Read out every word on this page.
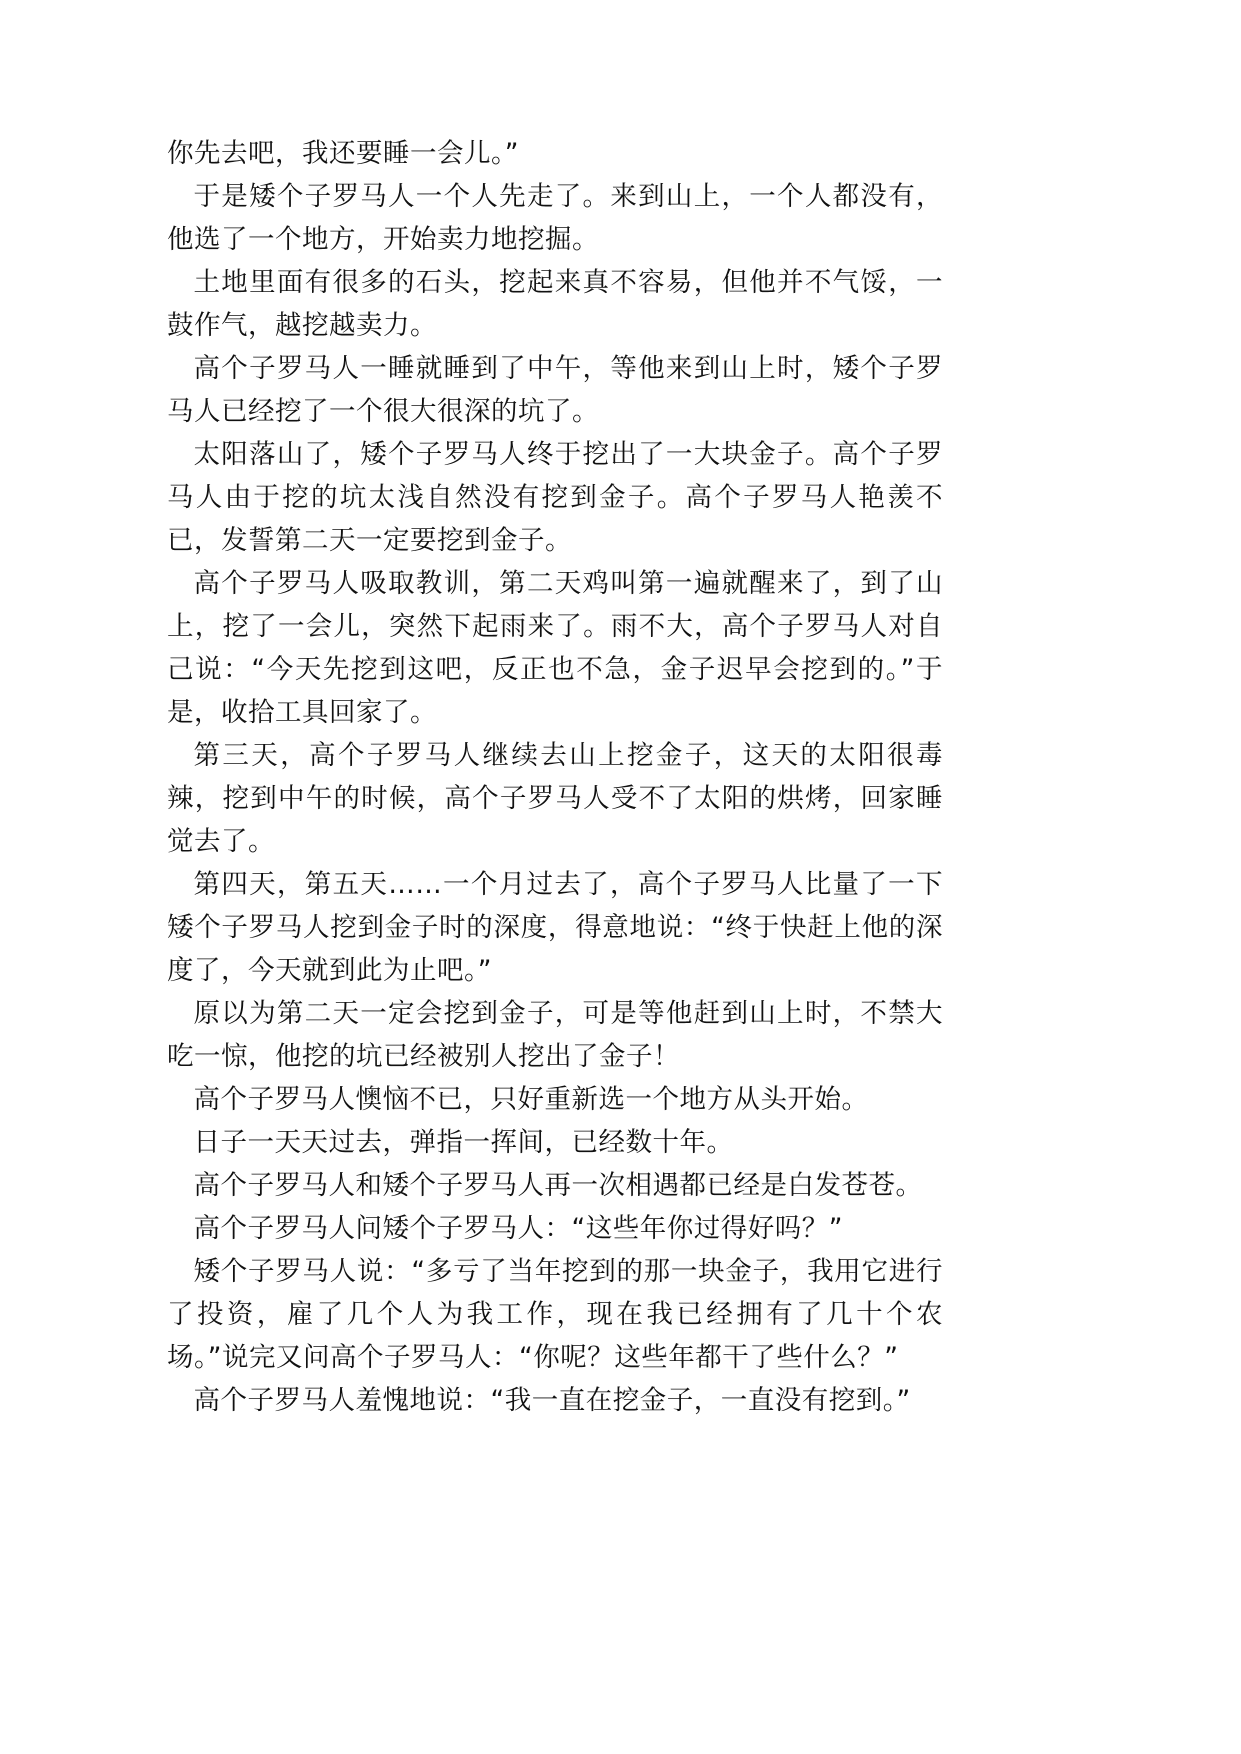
你先去吧，我还要睡一会儿。”

于是矮个子罗马人一个人先走了。来到山上，一个人都没有，他选了一个地方，开始卖力地挖掘。

土地里面有很多的石头，挖起来真不容易，但他并不气馁，一鼓作气，越挖越卖力。

高个子罗马人一睡就睡到了中午，等他来到山上时，矮个子罗马人已经挖了一个很大很深的坑了。

太阳落山了，矮个子罗马人终于挖出了一大块金子。高个子罗马人由于挖的坑太浅自然没有挖到金子。高个子罗马人艳羡不已，发誓第二天一定要挖到金子。

高个子罗马人吸取教训，第二天鸡叫第一遍就醒来了，到了山上，挖了一会儿，突然下起雨来了。雨不大，高个子罗马人对自己说：“今天先挖到这吧，反正也不急，金子迟早会挖到的。”于是，收拾工具回家了。

第三天，高个子罗马人继续去山上挖金子，这天的太阳很毒辣，挖到中午的时候，高个子罗马人受不了太阳的烘烤，回家睡觉去了。

第四天，第五天……一个月过去了，高个子罗马人比量了一下矮个子罗马人挖到金子时的深度，得意地说：“终于快赶上他的深度了，今天就到此为止吧。”

原以为第二天一定会挖到金子，可是等他赶到山上时，不禁大吃一惊，他挖的坑已经被别人挖出了金子！

高个子罗马人懊恼不已，只好重新选一个地方从头开始。

日子一天天过去，弹指一挥间，已经数十年。

高个子罗马人和矮个子罗马人再一次相遇都已经是白发苍苍。

高个子罗马人问矮个子罗马人：“这些年你过得好吗？”

矮个子罗马人说：“多亏了当年挖到的那一块金子，我用它进行了投资，雇了几个人为我工作，现在我已经拥有了几十个农场。”说完又问高个子罗马人：“你呢？这些年都干了些什么？”

高个子罗马人羞愧地说：“我一直在挖金子，一直没有挖到。”
